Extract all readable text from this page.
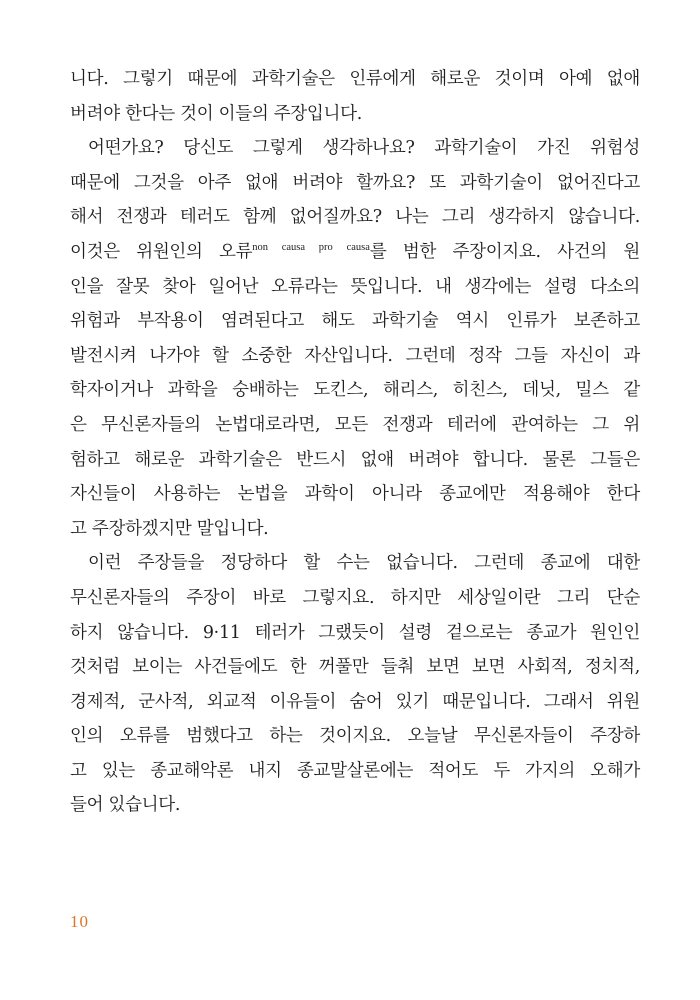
니다. 그렇기 때문에 과학기술은 인류에게 해로운 것이며 아예 없애
버려야 한다는 것이 이들의 주장입니다.
어떤가요? 당신도 그렇게 생각하나요? 과학기술이 가진 위험성
때문에 그것을 아주 없애 버려야 할까요? 또 과학기술이 없어진다고
해서 전쟁과 테러도 함께 없어질까요? 나는 그리 생각하지 않습니다.
이것은 위원인의 오류$^{non causa pro causa}$를 범한 주장이지요. 사건의 원
인을 잘못 찾아 일어난 오류라는 뜻입니다. 내 생각에는 설령 다소의
위험과 부작용이 염려된다고 해도 과학기술 역시 인류가 보존하고
발전시켜 나가야 할 소중한 자산입니다. 그런데 정작 그들 자신이 과
학자이거나 과학을 숭배하는 도킨스, 해리스, 히친스, 데닛, 밀스 같
은 무신론자들의 논법대로라면, 모든 전쟁과 테러에 관여하는 그 위
험하고 해로운 과학기술은 반드시 없애 버려야 합니다. 물론 그들은
자신들이 사용하는 논법을 과학이 아니라 종교에만 적용해야 한다
고 주장하겠지만 말입니다.
이런 주장들을 정당하다 할 수는 없습니다. 그런데 종교에 대한
무신론자들의 주장이 바로 그렇지요. 하지만 세상일이란 그리 단순
하지 않습니다. 9·11 테러가 그랬듯이 설령 겉으로는 종교가 원인인
것처럼 보이는 사건들에도 한 꺼풀만 들춰 보면 보면 사회적, 정치적,
경제적, 군사적, 외교적 이유들이 숨어 있기 때문입니다. 그래서 위원
인의 오류를 범했다고 하는 것이지요. 오늘날 무신론자들이 주장하
고 있는 종교해악론 내지 종교말살론에는 적어도 두 가지의 오해가
들어 있습니다.
10
